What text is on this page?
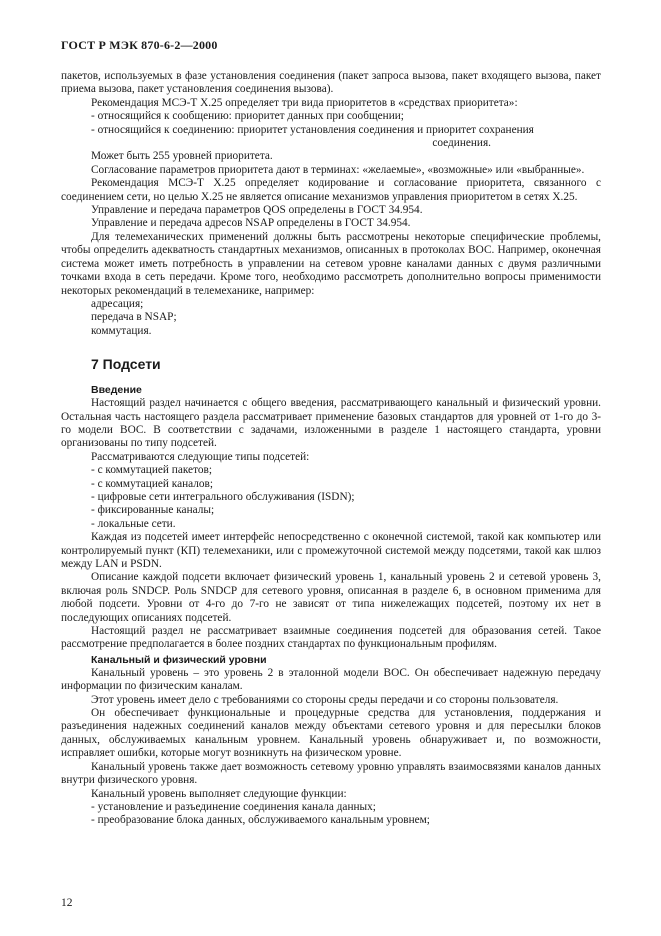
ГОСТ Р МЭК 870-6-2—2000

пакетов, используемых в фазе установления соединения (пакет запроса вызова, пакет входящего вызова, пакет приема вызова, пакет установления соединения вызова).

Рекомендация МСЭ-Т X.25 определяет три вида приоритетов в «средствах приоритета»:

- относящийся к сообщению: приоритет данных при сообщении;

- относящийся к соединению: приоритет установления соединения и приоритет сохранения

соединения.

Может быть 255 уровней приоритета.

Согласование параметров приоритета дают в терминах: «желаемые», «возможные» или «выбранные».

Рекомендация МСЭ-Т X.25 определяет кодирование и согласование приоритета, связанного с соединением сети, но целью X.25 не является описание механизмов управления приоритетом в сетях X.25.

Управление и передача параметров QOS определены в ГОСТ 34.954.

Управление и передача адресов NSAP определены в ГОСТ 34.954.

Для телемеханических применений должны быть рассмотрены некоторые специфические проблемы, чтобы определить адекватность стандартных механизмов, описанных в протоколах ВОС. Например, оконечная система может иметь потребность в управлении на сетевом уровне каналами данных с двумя различными точками входа в сеть передачи. Кроме того, необходимо рассмотреть дополнительно вопросы применимости некоторых рекомендаций в телемеханике, например:

адресация;

передача в NSAP;

коммутация.

7 Подсети
Введение

Настоящий раздел начинается с общего введения, рассматривающего канальный и физический уровни. Остальная часть настоящего раздела рассматривает применение базовых стандартов для уровней от 1-го до 3-го модели ВОС. В соответствии с задачами, изложенными в разделе 1 настоящего стандарта, уровни организованы по типу подсетей.

Рассматриваются следующие типы подсетей:

- с коммутацией пакетов;

- с коммутацией каналов;

- цифровые сети интегрального обслуживания (ISDN);

- фиксированные каналы;

- локальные сети.

Каждая из подсетей имеет интерфейс непосредственно с оконечной системой, такой как компьютер или контролируемый пункт (КП) телемеханики, или с промежуточной системой между подсетями, такой как шлюз между LAN и PSDN.

Описание каждой подсети включает физический уровень 1, канальный уровень 2 и сетевой уровень 3, включая роль SNDCP. Роль SNDCP для сетевого уровня, описанная в разделе 6, в основном применима для любой подсети. Уровни от 4-го до 7-го не зависят от типа нижележащих подсетей, поэтому их нет в последующих описаниях подсетей.

Настоящий раздел не рассматривает взаимные соединения подсетей для образования сетей. Такое рассмотрение предполагается в более поздних стандартах по функциональным профилям.

Канальный и физический уровни

Канальный уровень – это уровень 2 в эталонной модели ВОС. Он обеспечивает надежную передачу информации по физическим каналам.

Этот уровень имеет дело с требованиями со стороны среды передачи и со стороны пользователя.

Он обеспечивает функциональные и процедурные средства для установления, поддержания и разъединения надежных соединений каналов между объектами сетевого уровня и для пересылки блоков данных, обслуживаемых канальным уровнем. Канальный уровень обнаруживает и, по возможности, исправляет ошибки, которые могут возникнуть на физическом уровне.

Канальный уровень также дает возможность сетевому уровню управлять взаимосвязями каналов данных внутри физического уровня.

Канальный уровень выполняет следующие функции:

- установление и разъединение соединения канала данных;

- преобразование блока данных, обслуживаемого канальным уровнем;

12
